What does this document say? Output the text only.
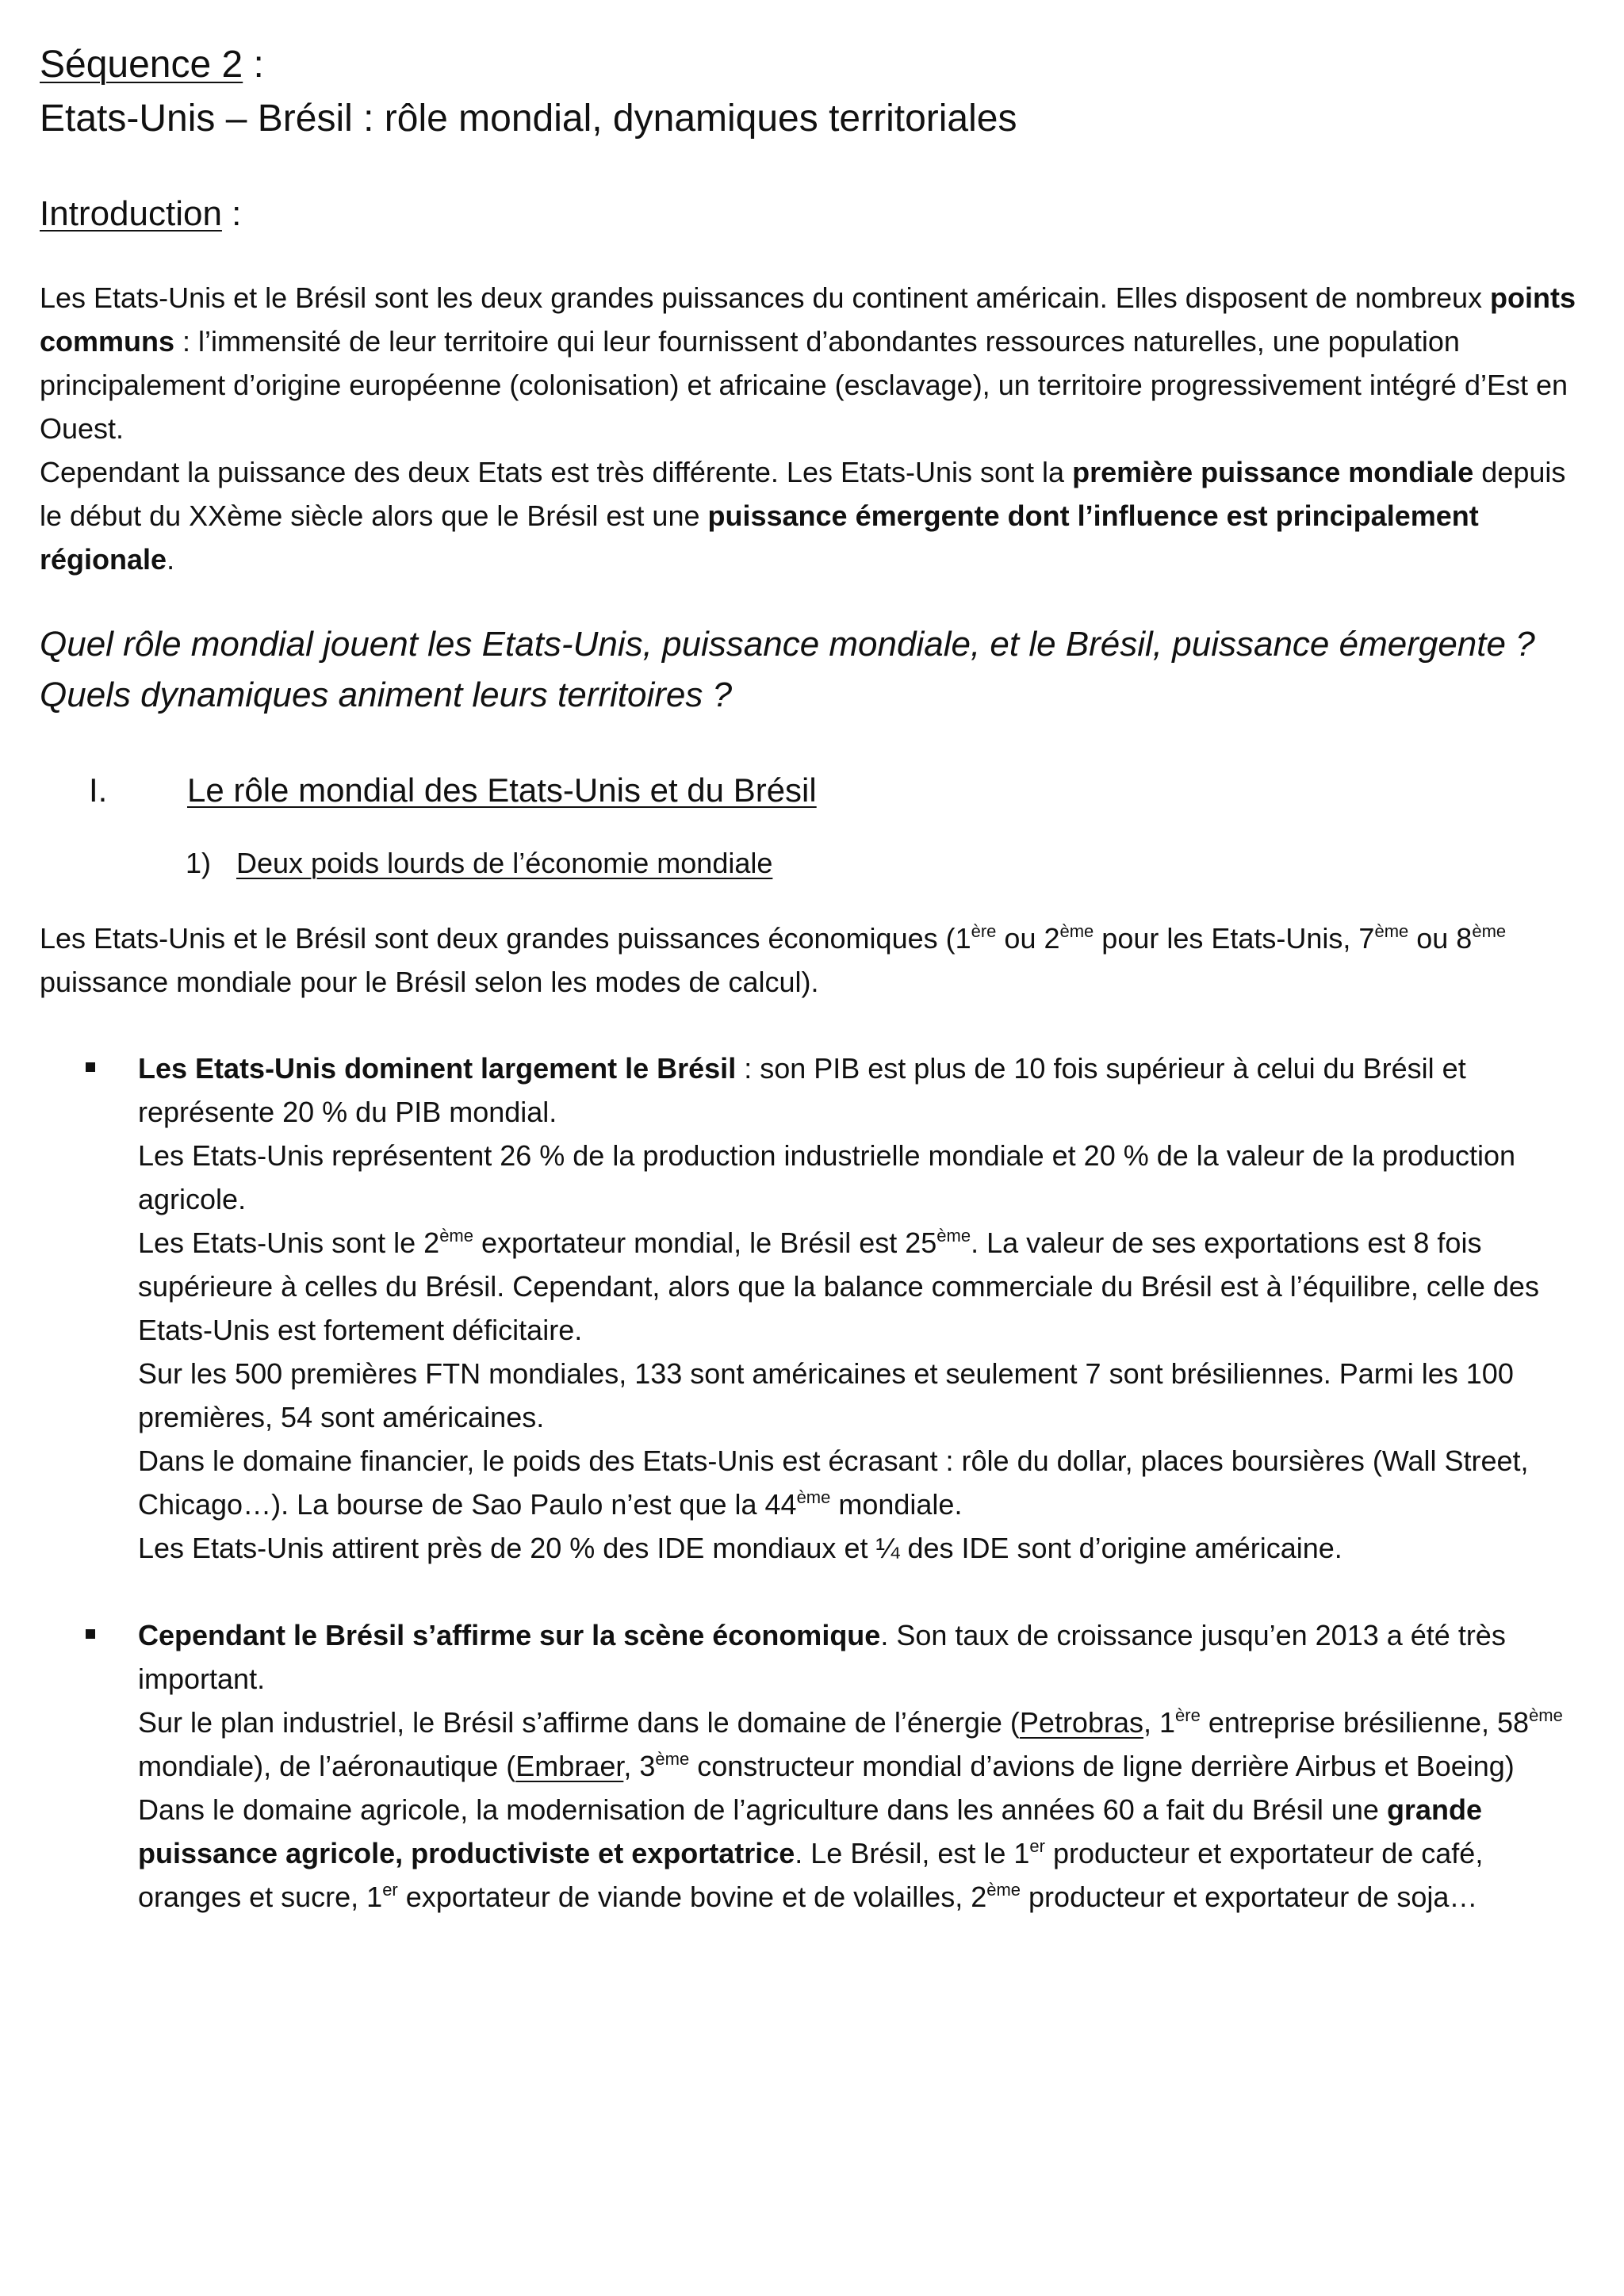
Séquence 2 :
Etats-Unis – Brésil : rôle mondial, dynamiques territoriales
Introduction :

Les Etats-Unis et le Brésil sont les deux grandes puissances du continent américain. Elles disposent de nombreux points communs : l’immensité de leur territoire qui leur fournissent d’abondantes ressources naturelles, une population principalement d’origine européenne (colonisation) et africaine (esclavage), un territoire progressivement intégré d’Est en Ouest.

Cependant la puissance des deux Etats est très différente. Les Etats-Unis sont la première puissance mondiale depuis le début du XXème siècle alors que le Brésil est une puissance émergente dont l’influence est principalement régionale.

Quel rôle mondial jouent les Etats-Unis, puissance mondiale, et le Brésil, puissance émergente ?
Quels dynamiques animent leurs territoires ?
I. Le rôle mondial des Etats-Unis et du Brésil
1) Deux poids lourds de l’économie mondiale

Les Etats-Unis et le Brésil sont deux grandes puissances économiques (1ère ou 2ème pour les Etats-Unis, 7ème ou 8ème puissance mondiale pour le Brésil selon les modes de calcul).

Les Etats-Unis dominent largement le Brésil : son PIB est plus de 10 fois supérieur à celui du Brésil et représente 20 % du PIB mondial.
Les Etats-Unis représentent 26 % de la production industrielle mondiale et 20 % de la valeur de la production agricole.
Les Etats-Unis sont le 2ème exportateur mondial, le Brésil est 25ème. La valeur de ses exportations est 8 fois supérieure à celles du Brésil. Cependant, alors que la balance commerciale du Brésil est à l’équilibre, celle des Etats-Unis est fortement déficitaire.
Sur les 500 premières FTN mondiales, 133 sont américaines et seulement 7 sont brésiliennes. Parmi les 100 premières, 54 sont américaines.
Dans le domaine financier, le poids des Etats-Unis est écrasant : rôle du dollar, places boursières (Wall Street, Chicago…). La bourse de Sao Paulo n’est que la 44ème mondiale.
Les Etats-Unis attirent près de 20 % des IDE mondiaux et ¼ des IDE sont d’origine américaine.
Cependant le Brésil s’affirme sur la scène économique. Son taux de croissance jusqu’en 2013 a été très important.
Sur le plan industriel, le Brésil s’affirme dans le domaine de l’énergie (Petrobras, 1ère entreprise brésilienne, 58ème mondiale), de l’aéronautique (Embraer, 3ème constructeur mondial d’avions de ligne derrière Airbus et Boeing)
Dans le domaine agricole, la modernisation de l’agriculture dans les années 60 a fait du Brésil une grande puissance agricole, productiviste et exportatrice. Le Brésil, est le 1er producteur et exportateur de café, oranges et sucre, 1er exportateur de viande bovine et de volailles, 2ème producteur et exportateur de soja…
